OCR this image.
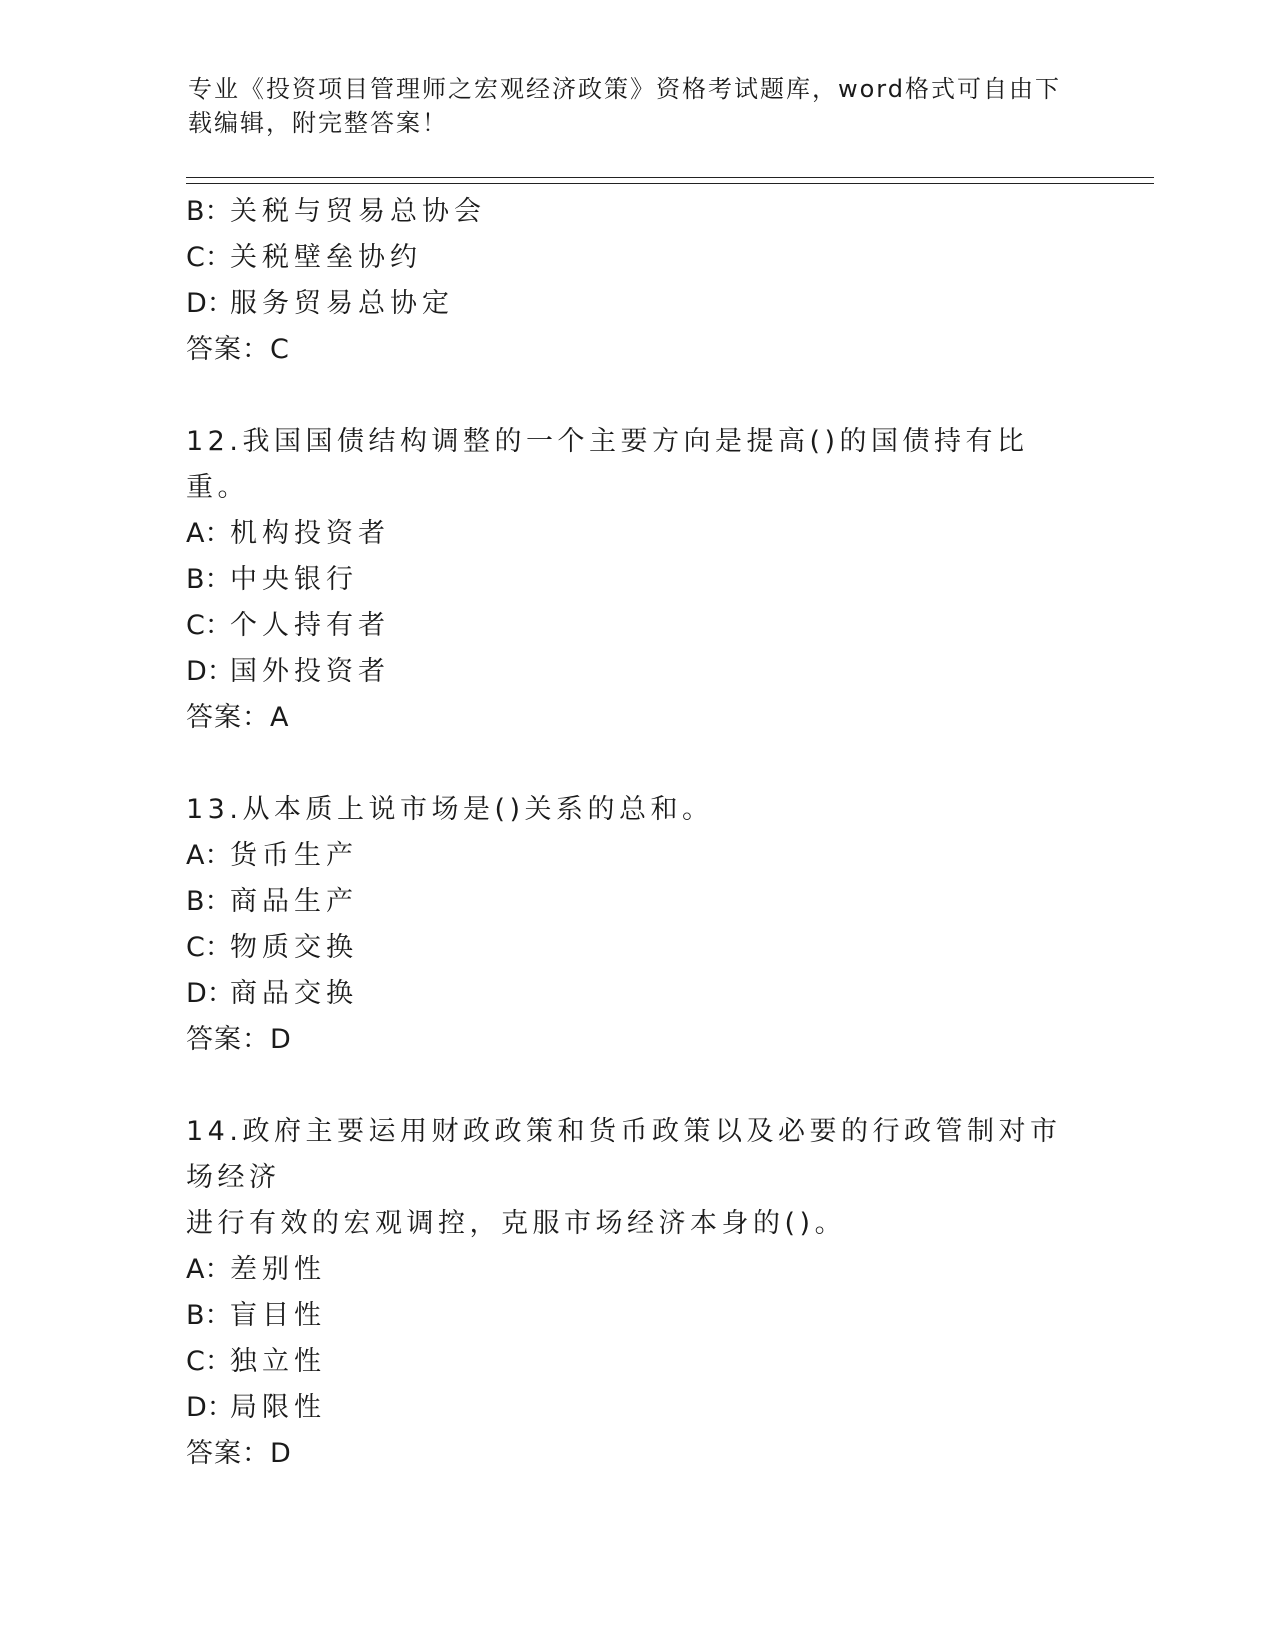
专业《投资项目管理师之宏观经济政策》资格考试题库，word格式可自由下载编辑，附完整答案！
B：关税与贸易总协会
C：关税壁垒协约
D：服务贸易总协定
答案：C
12.我国国债结构调整的一个主要方向是提高()的国债持有比重。
A：机构投资者
B：中央银行
C：个人持有者
D：国外投资者
答案：A
13.从本质上说市场是()关系的总和。
A：货币生产
B：商品生产
C：物质交换
D：商品交换
答案：D
14.政府主要运用财政政策和货币政策以及必要的行政管制对市场经济
进行有效的宏观调控，克服市场经济本身的()。
A：差别性
B：盲目性
C：独立性
D：局限性
答案：D
